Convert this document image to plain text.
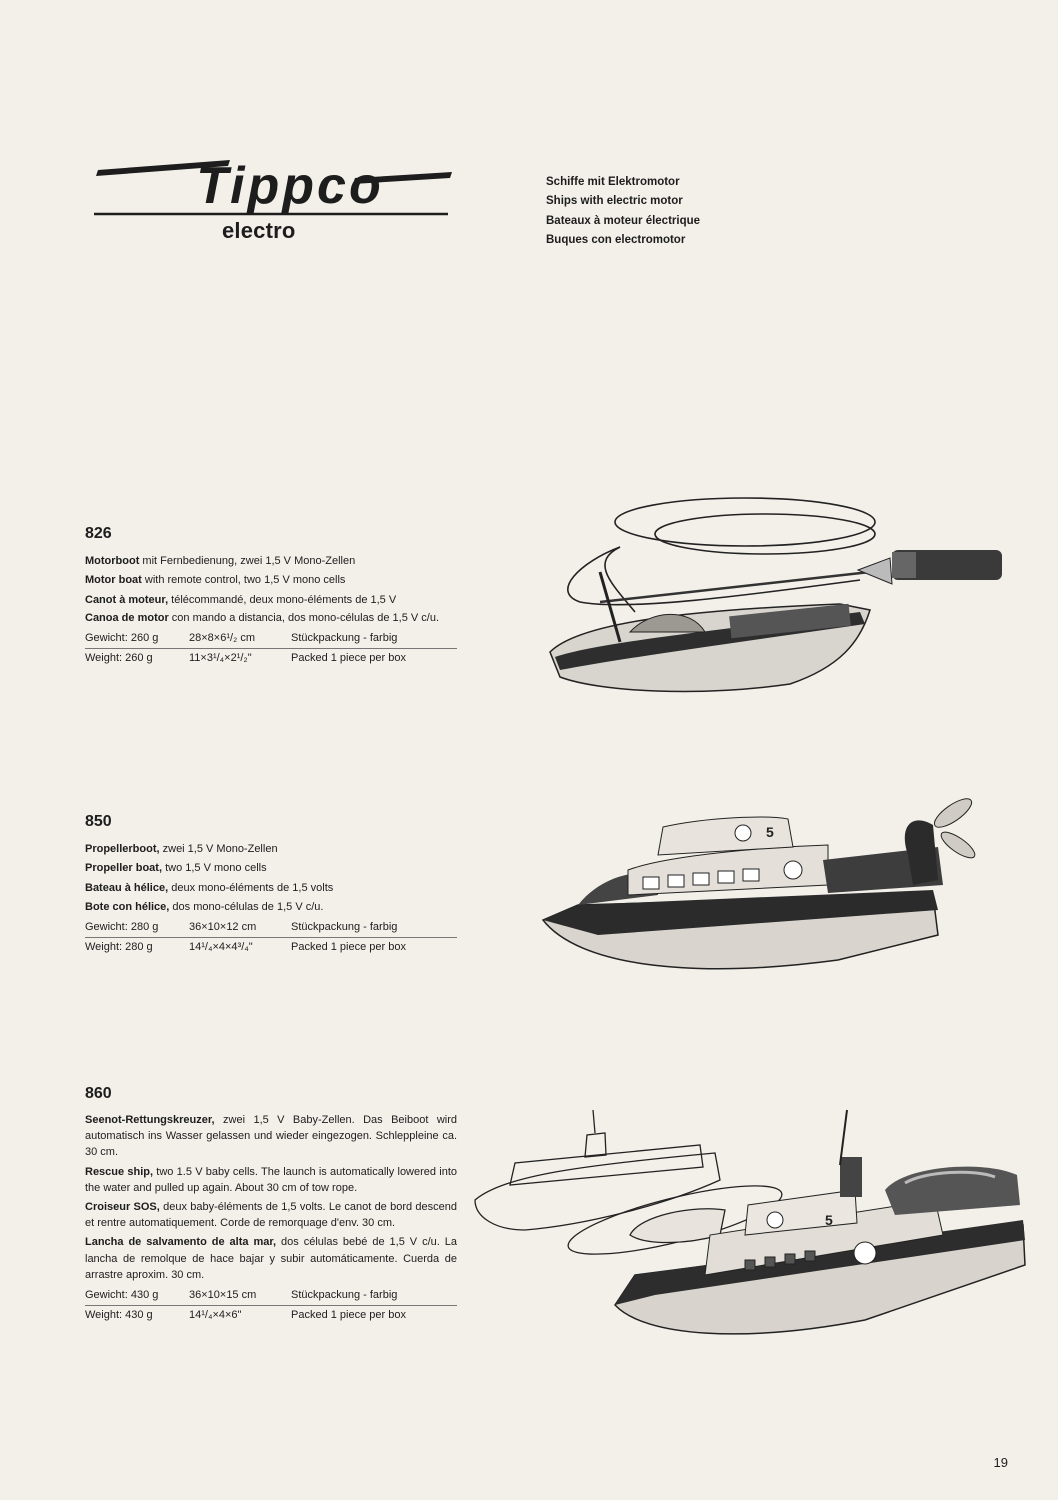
Tippco
electro
Schiffe mit Elektromotor
Ships with electric motor
Bateaux à moteur électrique
Buques con electromotor
826
Motorboot mit Fernbedienung, zwei 1,5 V Mono-Zellen
Motor boat with remote control, two 1,5 V mono cells
Canot à moteur, télécommandé, deux mono-éléments de 1,5 V
Canoa de motor con mando a distancia, dos mono-células de 1,5 V c/u.
Gewicht: 260 g	28×8×6¹/₂ cm	Stückpackung - farbig
Weight: 260 g	11×3¹/₄×2¹/₂"	Packed 1 piece per box
850
Propellerboot, zwei 1,5 V Mono-Zellen
Propeller boat, two 1,5 V mono cells
Bateau à hélice, deux mono-éléments de 1,5 volts
Bote con hélice, dos mono-células de 1,5 V c/u.
Gewicht: 280 g	36×10×12 cm	Stückpackung - farbig
Weight: 280 g	14¹/₄×4×4³/₄"	Packed 1 piece per box
860
Seenot-Rettungskreuzer, zwei 1,5 V Baby-Zellen. Das Beiboot wird automatisch ins Wasser gelassen und wieder eingezogen. Schleppleine ca. 30 cm.
Rescue ship, two 1.5 V baby cells. The launch is automatically lowered into the water and pulled up again. About 30 cm of tow rope.
Croiseur SOS, deux baby-éléments de 1,5 volts. Le canot de bord descend et rentre automatiquement. Corde de remorquage d'env. 30 cm.
Lancha de salvamento de alta mar, dos células bebé de 1,5 V c/u. La lancha de remolque de hace bajar y subir automáticamente. Cuerda de arrastre aproxim. 30 cm.
Gewicht: 430 g	36×10×15 cm	Stückpackung - farbig
Weight: 430 g	14¹/₄×4×6"	Packed 1 piece per box
5
5
19
